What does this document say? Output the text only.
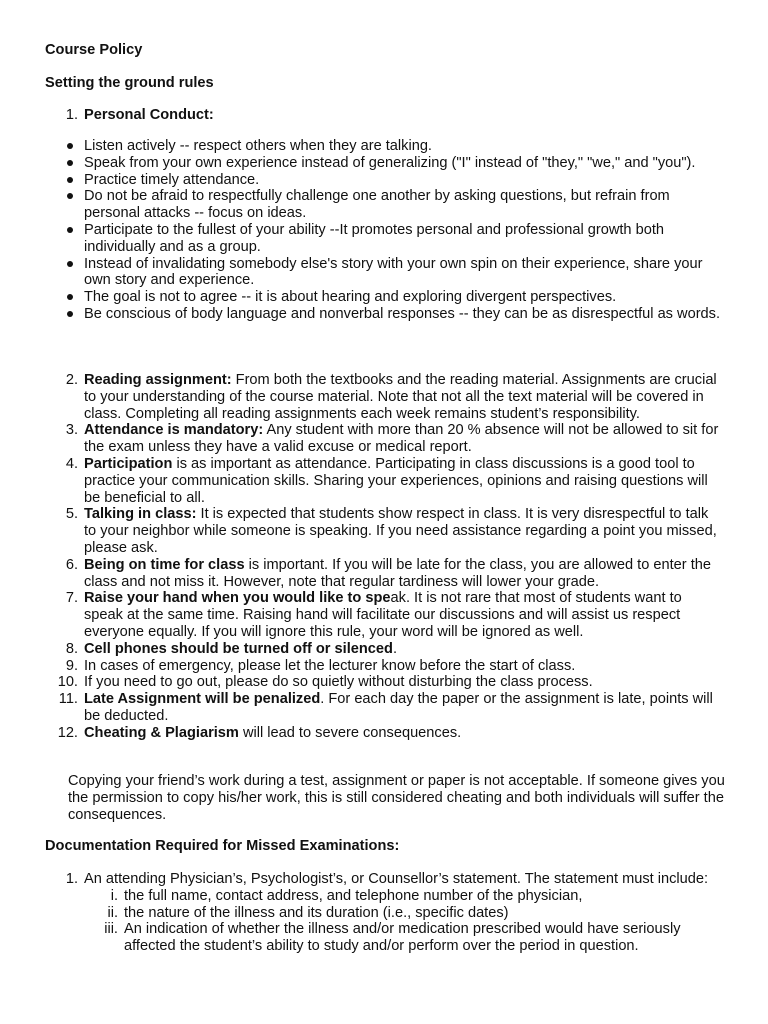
Course Policy
Setting the ground rules
1. Personal Conduct:
Listen actively -- respect others when they are talking.
Speak from your own experience instead of generalizing ("I" instead of "they," "we," and "you").
Practice timely attendance.
Do not be afraid to respectfully challenge one another by asking questions, but refrain from personal attacks -- focus on ideas.
Participate to the fullest of your ability --It promotes personal and professional growth both individually and as a group.
Instead of invalidating somebody else's story with your own spin on their experience, share your own story and experience.
The goal is not to agree -- it is about hearing and exploring divergent perspectives.
Be conscious of body language and nonverbal responses -- they can be as disrespectful as words.
2. Reading assignment: From both the textbooks and the reading material. Assignments are crucial to your understanding of the course material. Note that not all the text material will be covered in class. Completing all reading assignments each week remains student’s responsibility.
3. Attendance is mandatory: Any student with more than 20 % absence will not be allowed to sit for the exam unless they have a valid excuse or medical report.
4. Participation is as important as attendance. Participating in class discussions is a good tool to practice your communication skills. Sharing your experiences, opinions and raising questions will be beneficial to all.
5. Talking in class: It is expected that students show respect in class. It is very disrespectful to talk to your neighbor while someone is speaking. If you need assistance regarding a point you missed, please ask.
6. Being on time for class is important. If you will be late for the class, you are allowed to enter the class and not miss it. However, note that regular tardiness will lower your grade.
7. Raise your hand when you would like to speak. It is not rare that most of students want to speak at the same time. Raising hand will facilitate our discussions and will assist us respect everyone equally. If you will ignore this rule, your word will be ignored as well.
8. Cell phones should be turned off or silenced.
9. In cases of emergency, please let the lecturer know before the start of class.
10. If you need to go out, please do so quietly without disturbing the class process.
11. Late Assignment will be penalized. For each day the paper or the assignment is late, points will be deducted.
12. Cheating & Plagiarism will lead to severe consequences.
Copying your friend’s work during a test, assignment or paper is not acceptable. If someone gives you the permission to copy his/her work, this is still considered cheating and both individuals will suffer the consequences.
Documentation Required for Missed Examinations:
1. An attending Physician’s, Psychologist’s, or Counsellor’s statement. The statement must include:
i. the full name, contact address, and telephone number of the physician,
ii. the nature of the illness and its duration (i.e., specific dates)
iii. An indication of whether the illness and/or medication prescribed would have seriously affected the student’s ability to study and/or perform over the period in question.
